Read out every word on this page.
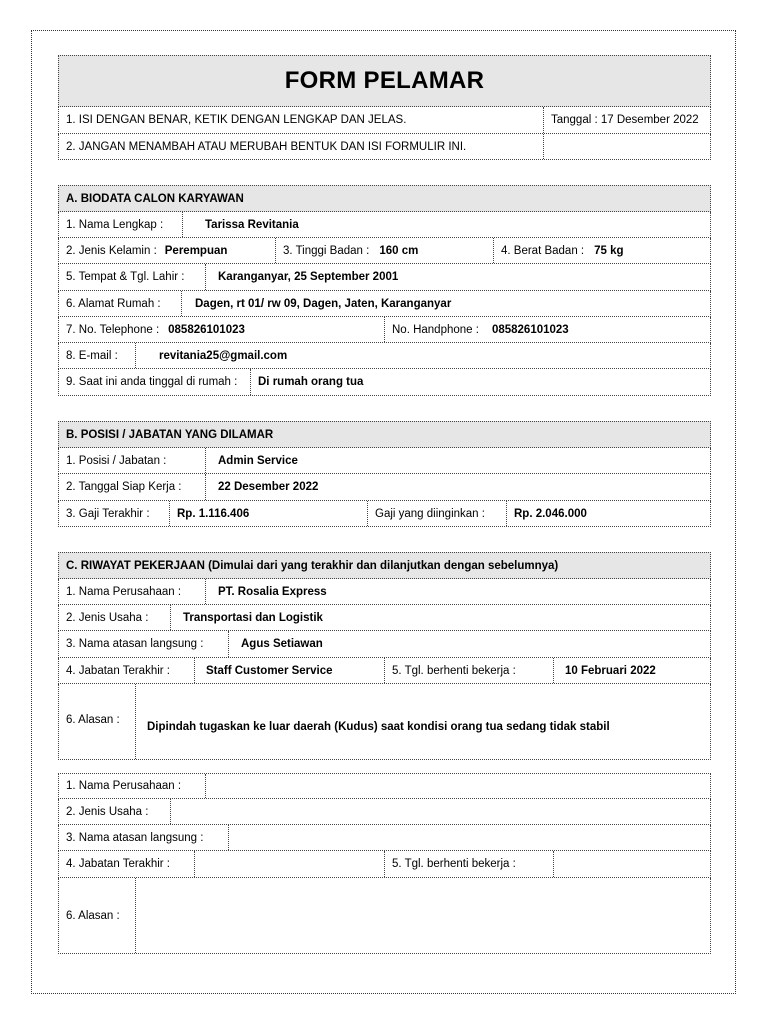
FORM PELAMAR
1. ISI DENGAN BENAR, KETIK DENGAN LENGKAP DAN JELAS.	Tanggal : 17 Desember 2022
2. JANGAN MENAMBAH ATAU MERUBAH BENTUK DAN ISI FORMULIR INI.
A. BIODATA CALON KARYAWAN
1. Nama Lengkap :	Tarissa Revitania
2. Jenis Kelamin : Perempuan	3. Tinggi Badan : 160 cm	4. Berat Badan : 75 kg
5. Tempat & Tgl. Lahir :	Karanganyar, 25 September 2001
6. Alamat Rumah :	Dagen, rt 01/ rw 09, Dagen, Jaten, Karanganyar
7. No. Telephone : 085826101023	No. Handphone : 085826101023
8. E-mail :	revitania25@gmail.com
9. Saat ini anda tinggal di rumah :	Di rumah orang tua
B. POSISI / JABATAN YANG DILAMAR
1. Posisi / Jabatan :	Admin Service
2. Tanggal Siap Kerja :	22 Desember 2022
3. Gaji Terakhir :	Rp. 1.116.406	Gaji yang diinginkan :	Rp. 2.046.000
C. RIWAYAT PEKERJAAN (Dimulai dari yang terakhir dan dilanjutkan dengan sebelumnya)
1. Nama Perusahaan :	PT. Rosalia Express
2. Jenis Usaha :	Transportasi dan Logistik
3. Nama atasan langsung :	Agus Setiawan
4. Jabatan Terakhir :	Staff Customer Service	5. Tgl. berhenti bekerja :	10 Februari 2022
6. Alasan :
Dipindah tugaskan ke luar daerah (Kudus) saat kondisi orang tua sedang tidak stabil
1. Nama Perusahaan :
2. Jenis Usaha :
3. Nama atasan langsung :
4. Jabatan Terakhir :	5. Tgl. berhenti bekerja :
6. Alasan :
